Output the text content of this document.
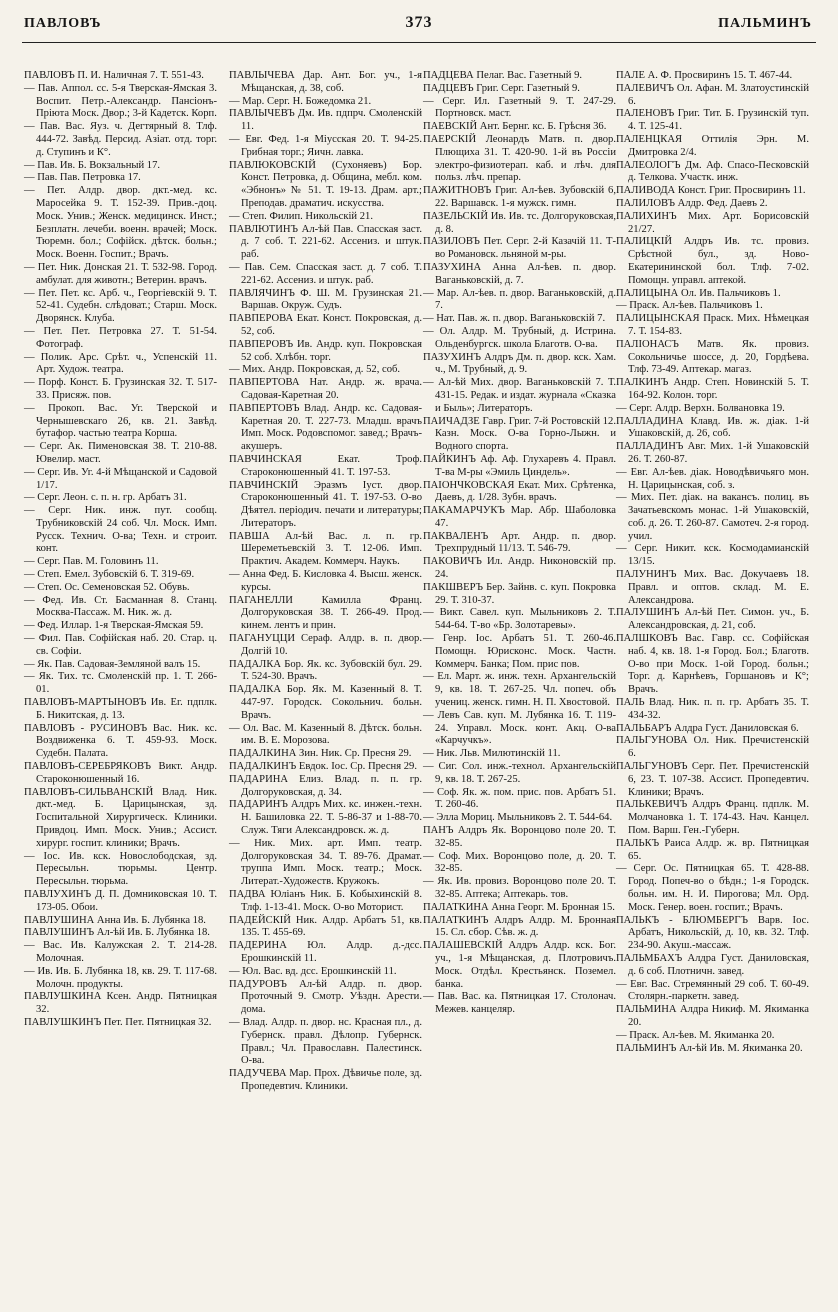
ПАВЛОВЪ	373	ПАЛЬМИНЪ
ПАВЛОВЪ П. И. Наличная 7. Т. 551-43.
— Пав. Аппол. сс. 5-я Тверская-Ямская 3. Воспит. Петр.-Александр. Пансіонъ-Пріюта Моск. Двор.; 3-й Кадетск. Корп.
— Пав. Вас. Яуз. ч. Дегтярный 8. Тлф. 444-72. Завѣд. Персид. Азіат. отд. торг. д. Ступинъ и К°.
— Пав. Ив. Б. Вокзальный 17.
— Пав. Пав. Петровка 17.
— Пет. Алдр. двор. дкт.-мед. кс. Маросейка 9. Т. 152-39. Прив.-доц. Моск. Унив.; Женск. медицинск. Инст.; Безплатн. лечеби. военн. врачей; Моск. Тюремн. бол.; Софійск. дѣтск. больн.; Моск. Военн. Госпит.; Врачъ.
— Пет. Ник. Донская 21. Т. 532-98. Город. амбулат. для животн.; Ветерин. врачъ.
— Пет. Пет. кс. Арб. ч., Георгіевскій 9. Т. 52-41. Судебн. слѣдоват.; Старш. Моск. Дворянск. Клуба.
— Пет. Пет. Петровка 27. Т. 51-54. Фотограф.
— Полик. Арс. Срѣт. ч., Успенскій 11. Арт. Худож. театра.
— Порф. Конст. Б. Грузинская 32. Т. 517-33. Присяж. пов.
— Прокоп. Вас. Уг. Тверской и Чернышевскаго 26, кв. 21. Завѣд. бутафор. частью театра Корша.
— Серг. Ак. Пименовская 38. Т. 210-88. Ювелир. маст.
— Серг. Ив. Уг. 4-й Мѣщанской и Садовой 1/17.
— Серг. Леон. с. п. н. гр. Арбатъ 31.
— Серг. Ник. инж. пут. сообщ. Трубниковскій 24 соб. Чл. Моск. Имп. Русск. Технич. О-ва; Техн. и строит. конт.
— Серг. Пав. М. Головинъ 11.
— Степ. Емел. Зубовскій 6. Т. 319-69.
— Степ. Ос. Семеновская 52. Обувь.
— Фед. Ив. Ст. Басманная 8. Станц. Москва-Пассаж. М. Ник. ж. д.
— Фед. Иллар. 1-я Тверская-Ямская 59.
— Фил. Пав. Софійская наб. 20. Стар. ц. св. Софіи.
— Як. Пав. Садовая-Земляной валъ 15.
— Як. Тих. тс. Смоленскій пр. 1. Т. 266-01.
ПАВЛОВЪ-МАРТЫНОВЪ Ив. Ег. пдплк. Б. Никитская, д. 13.
ПАВЛОВЪ - РУСИНОВЪ Вас. Ник. кс. Воздвиженка 6. Т. 459-93. Моск. Судебн. Палата.
ПАВЛОВЪ-СЕРЕБРЯКОВЪ Викт. Андр. Староконюшенный 16.
ПАВЛОВЪ-СИЛЬВАНСКІЙ Влад. Ник. дкт.-мед. Б. Царицынская, зд. Госпитальной Хирургическ. Клиники. Привдоц. Имп. Моск. Унив.; Ассист. хирург. госпит. клиники; Врачъ.
— Іос. Ив. кск. Новослободская, зд. Пересыльн. тюрьмы. Центр. Пересыльн. тюрьма.
ПАВЛУХИНЪ Д. П. Домниковская 10. Т. 173-05. Обои.
ПАВЛУШИНА Анна Ив. Б. Лубянка 18.
ПАВЛУШИНЪ Ал-ѣй Ив. Б. Лубянка 18.
— Вас. Ив. Калужская 2. Т. 214-28. Молочная.
— Ив. Ив. Б. Лубянка 18, кв. 29. Т. 117-68. Молочн. продукты.
ПАВЛУШКИНА Ксен. Андр. Пятницкая 32.
ПАВЛУШКИНЪ Пет. Пет. Пятницкая 32.
ПАВЛЫЧЕВА Дар. Ант. Бог. уч., 1-я Мѣщанская, д. 38, соб.
— Мар. Серг. Н. Божедомка 21.
ПАВЛЫЧЕВЪ Дм. Ив. пдпрч. Смоленскій 11.
— Евг. Фед. 1-я Міусская 20. Т. 94-25. Грибная торг.; Яичн. лавка.
ПАВЛЮКОВСКІЙ (Сухоняевъ) Бор. Конст. Петровка, д. Община, мебл. ком. «Эбнонъ» № 51. Т. 19-13. Драм. арт.; Преподав. драматич. искусства.
— Степ. Филип. Никольскій 21.
ПАВЛЮТИНЪ Ал-ѣй Пав. Спасская заст. д. 7 соб. Т. 221-62. Ассениз. и штук. раб.
— Пав. Сем. Спасская заст. д. 7 соб. Т. 221-62. Ассениз. и штук. раб.
ПАВЛЯЧИНЪ Ф. Ш. М. Грузинская 21. Варшав. Окруж. Судъ.
ПАВПЕРОВА Екат. Конст. Покровская, д. 52, соб.
ПАВПЕРОВЪ Ив. Андр. куп. Покровская 52 соб. Хлѣбн. торг.
— Мих. Андр. Покровская, д. 52, соб.
ПАВПЕРТОВА Нат. Андр. ж. врача. Садовая-Каретная 20.
ПАВПЕРТОВЪ Влад. Андр. кс. Садовая-Каретная 20. Т. 227-73. Младш. врачъ Имп. Моск. Родовспомог. завед.; Врачъ-акушеръ.
ПАВЧИНСКАЯ Екат. Троф. Староконюшенный 41. Т. 197-53.
ПАВЧИНСКІЙ Эразмъ Іуст. двор. Староконюшенный 41. Т. 197-53. О-во Дѣятел. періодич. печати и литературы; Литераторъ.
ПАВША Ал-ѣй Вас. л. п. гр. Шереметьевскій 3. Т. 12-06. Имп. Практич. Академ. Коммерч. Наукъ.
— Анна Фед. Б. Кисловка 4. Высш. женск. курсы.
ПАГАНЕЛЛИ Камилла Франц. Долгоруковская 38. Т. 266-49. Прод. кинем. лентъ и прин.
ПАГАНУЦЦИ Сераф. Алдр. в. п. двор. Долгій 10.
ПАДАЛКА Бор. Як. кс. Зубовскій бул. 29. Т. 524-30. Врачъ.
ПАДАЛКА Бор. Як. М. Казенный 8. Т. 447-97. Городск. Сокольнич. больн. Врачъ.
— Ол. Вас. М. Казенный 8. Дѣтск. больн. им. В. Е. Морозова.
ПАДАЛКИНА Зин. Ник. Ср. Пресня 29.
ПАДАЛКИНЪ Евдок. Іос. Ср. Пресня 29.
ПАДАРИНА Елиз. Влад. п. п. гр. Долгоруковская, д. 34.
ПАДАРИНЪ Алдръ Мих. кс. инжен.-техн. Н. Башиловка 22. Т. 5-86-37 и 1-88-70. Служ. Тяги Александровск. ж. д.
— Ник. Мих. арт. Имп. театр. Долгоруковская 34. Т. 89-76. Драмат. труппа Имп. Моск. театр.; Моск. Литерат.-Художеств. Кружокъ.
ПАДВА Юліанъ Ник. Б. Кобыхинскій 8. Тлф. 1-13-41. Моск. О-во Моторист.
ПАДЕЙСКІЙ Ник. Алдр. Арбатъ 51, кв. 135. Т. 455-69.
ПАДЕРИНА Юл. Алдр. д.-дсс. Ерошкинскій 11.
— Юл. Вас. вд. дсс. Ерошкинскій 11.
ПАДУРОВЪ Ал-ѣй Алдр. п. двор. Проточный 9. Смотр. Уѣздн. Арести. дома.
— Влад. Алдр. п. двор. нс. Красная пл., д. Губернск. правл. Дѣлопр. Губернск. Правл.; Чл. Православн. Палестинск. О-ва.
ПАДУЧЕВА Мар. Прох. Дѣвичье поле, зд. Пропедевтич. Клиники.
ПАДЦЕВА Пелаг. Вас. Газетный 9.
ПАДЦЕВЪ Григ. Серг. Газетный 9.
— Серг. Ил. Газетный 9. Т. 247-29. Портновск. маст.
ПАЕВСКІЙ Ант. Бернг. кс. Б. Грѣсня 36.
ПАЕРСКІЙ Леонардъ Матв. п. двор. Плющиха 31. Т. 420-90. 1-й въ Россіи электро-физиотерап. каб. и лѣч. для польз. лѣч. препар.
ПАЖИТНОВЪ Григ. Ал-ѣев. Зубовскій 6, 22. Варшавск. 1-я мужск. гимн.
ПАЗЕЛЬСКІЙ Ив. Ив. тс. Долгоруковская, д. 8.
ПАЗИЛОВЪ Пет. Серг. 2-й Казачій 11. Т-во Романовск. льняной м-ры.
ПАЗУХИНА Анна Ал-ѣев. п. двор. Ваганьковскій, д. 7.
— Мар. Ал-ѣев. п. двор. Ваганьковскій, д. 7.
— Нат. Пав. ж. п. двор. Ваганьковскій 7.
— Ол. Алдр. М. Трубный, д. Истрина. Ольденбургск. школа Благотв. О-ва.
ПАЗУХИНЪ Алдръ Дм. п. двор. кск. Хам. ч., М. Трубный, д. 9.
— Ал-ѣй Мих. двор. Ваганьковскій 7. Т. 431-15. Редак. и издат. журнала «Сказка и Быль»; Литераторъ.
ПАИЧАДЗЕ Гавр. Григ. 7-й Ростовскій 12. Казн. Моск. О-ва Горно-Лыжн. и Водного спорта.
ПАЙКИНЪ Аф. Аф. Глухаревъ 4. Правл. Т-ва М-ры «Эмиль Циндель».
ПАІОНЧКОВСКАЯ Екат. Мих. Срѣтенка, Даевъ, д. 1/28. Зубн. врачъ.
ПАКАМАРЧУКЪ Мар. Абр. Шаболовка 47.
ПАКВАЛЕНЪ Арт. Андр. п. двор. Трехпрудный 11/13. Т. 546-79.
ПАКОВИЧЪ Ил. Андр. Никоновскій пр. 24.
ПАКШВЕРЪ Бер. Зайнв. с. куп. Покровка 29. Т. 310-37.
— Викт. Савел. куп. Мыльниковъ 2. Т. 544-64. Т-во «Бр. Золотаревы».
— Генр. Іос. Арбатъ 51. Т. 260-46. Помощн. Юрисконс. Моск. Частн. Коммерч. Банка; Пом. прис пов.
— Ел. Март. ж. инж. техн. Архангельскій 9, кв. 18. Т. 267-25. Чл. попеч. объ учениц. женск. гимн. Н. П. Хвостовой.
— Левъ Сав. куп. М. Лубянка 16. Т. 119-24. Управл. Моск. конт. Акц. О-ва «Карчучкъ».
— Ник. Льв. Милютинскій 11.
— Сиг. Сол. инж.-технол. Архангельскій 9, кв. 18. Т. 267-25.
— Соф. Як. ж. пом. прис. пов. Арбатъ 51. Т. 260-46.
— Элла Мориц. Мыльниковъ 2. Т. 544-64.
ПАНЪ Алдръ Як. Воронцово поле 20. Т. 32-85.
— Соф. Мих. Воронцово поле, д. 20. Т. 32-85.
— Як. Ив. провиз. Воронцово поле 20. Т. 32-85. Аптека; Аптекарь. тов.
ПАЛАТКИНА Анна Георг. М. Бронная 15.
ПАЛАТКИНЪ Алдръ Алдр. М. Бронная 15. Сл. сбор. Сѣв. ж. д.
ПАЛАШЕВСКІЙ Алдръ Алдр. кск. Бог. уч., 1-я Мѣщанская, д. Плотровичъ. Моск. Отдѣл. Крестьянск. Поземел. банка.
— Пав. Вас. ка. Пятницкая 17. Столонач. Межев. канцеляр.
ПАЛЕ А. Ф. Просвиринъ 15. Т. 467-44.
ПАЛЕВИЧЪ Ол. Афан. М. Златоустинскій 6.
ПАЛЕНОВЪ Григ. Тит. Б. Грузинскій туп. 4. Т. 125-41.
ПАЛЕНЦКАЯ Оттилія Эрн. М. Дмитровка 2/4.
ПАЛЕОЛОГЪ Дм. Аф. Спасо-Песковскій д. Телкова. Участк. инж.
ПАЛИВОДА Конст. Григ. Просвиринъ 11.
ПАЛИЛОВЪ Алдр. Фед. Даевъ 2.
ПАЛИХИНЪ Мих. Арт. Борисовскій 21/27.
ПАЛИЦКІЙ Алдръ Ив. тс. провиз. Срѣстной бул., зд. Ново-Екатерининской бол. Тлф. 7-02. Помощн. управл. аптекой.
ПАЛИЦЫНА Ол. Ив. Пальчиковъ 1.
— Праск. Ал-ѣев. Пальчиковъ 1.
ПАЛИЦЫНСКАЯ Праск. Мих. Нѣмецкая 7. Т. 154-83.
ПАЛІОНАСЪ Матв. Як. провиз. Сокольничье шоссе, д. 20, Гордѣева. Тлф. 73-49. Аптекар. магаз.
ПАЛКИНЪ Андр. Степ. Новинскій 5. Т. 164-92. Колон. торг.
— Серг. Алдр. Верхн. Болвановка 19.
ПАЛЛАДИНА Клавд. Ив. ж. діак. 1-й Ушаковскій, д. 26, соб.
ПАЛЛАДИНЪ Авг. Мих. 1-й Ушаковскій 26. Т. 260-87.
— Евг. Ал-ѣев. діак. Новодѣвичьяго мон. Н. Царицынская, соб. з.
— Мих. Пет. діак. на вакансъ. полиц. въ Зачатьевскомъ монас. 1-й Ушаковскій, соб. д. 26. Т. 260-87. Самотеч. 2-я город. учил.
— Серг. Никит. кск. Космодамианскій 13/15.
ПАЛУНИНЪ Мих. Вас. Докучаевъ 18. Правл. и оптов. склад. М. Е. Александрова.
ПАЛУШИНЪ Ал-ѣй Пет. Симон. уч., Б. Александровская, д. 21, соб.
ПАЛШКОВЪ Вас. Гавр. сс. Софійская наб. 4, кв. 18. 1-я Город. Бол.; Благотв. О-во при Моск. 1-ой Город. больн.; Торг. д. Карнѣевъ, Горшановъ и К°; Врачъ.
ПАЛЬ Влад. Ник. п. п. гр. Арбатъ 35. Т. 434-32.
ПАЛЬБАРЪ Алдра Густ. Даниловская 6.
ПАЛЬГУНОВА Ол. Ник. Пречистенскій 6.
ПАЛЬГУНОВЪ Серг. Пет. Пречистенскій 6, 23. Т. 107-38. Ассист. Пропедевтич. Клиники; Врачъ.
ПАЛЬКЕВИЧЪ Алдръ Франц. пдплк. М. Молчановка 1. Т. 174-43. Нач. Канцел. Пом. Варш. Ген.-Губерн.
ПАЛЬКЪ Раиса Алдр. ж. вр. Пятницкая 65.
— Серг. Ос. Пятницкая 65. Т. 428-88. Город. Попеч-во о бѣдн.; 1-я Городск. больн. им. Н. И. Пирогова; Мл. Орд. Моск. Генер. воен. госпит.; Врачъ.
ПАЛЬКЪ - БЛЮМБЕРГЪ Варв. Іос. Арбатъ, Никольскій, д. 10, кв. 32. Тлф. 234-90. Акуш.-массаж.
ПАЛЬМБАХЪ Алдра Густ. Даниловская, д. 6 соб. Плотничн. завед.
— Евг. Вас. Стремянный 29 соб. Т. 60-49. Столярн.-паркетн. завед.
ПАЛЬМИНА Алдра Никиф. М. Якиманка 20.
— Праск. Ал-ѣев. М. Якиманка 20.
ПАЛЬМИНЪ Ал-ѣй Ив. М. Якиманка 20.
